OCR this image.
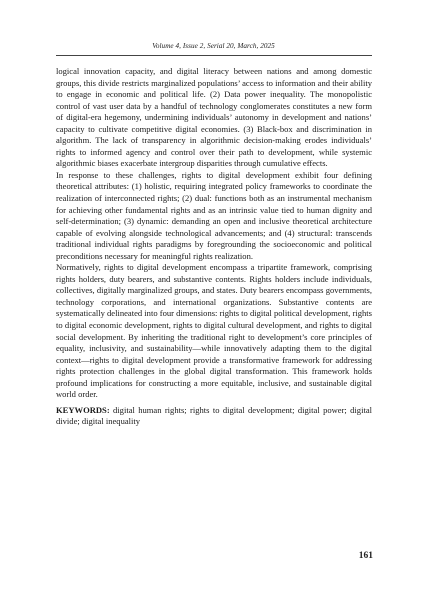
Volume 4, Issue 2, Serial 20, March, 2025

logical innovation capacity, and digital literacy between nations and among domestic groups, this divide restricts marginalized populations’ access to information and their ability to engage in economic and political life. (2) Data power inequality. The monopolistic control of vast user data by a handful of technology conglomerates constitutes a new form of digital-era hegemony, undermining individuals’ autonomy in development and nations’ capacity to cultivate competitive digital economies. (3) Black-box and discrimination in algorithm. The lack of transparency in algorithmic decision-making erodes individuals’ rights to informed agency and control over their path to development, while systemic algorithmic biases exacerbate intergroup disparities through cumulative effects.

In response to these challenges, rights to digital development exhibit four defining theoretical attributes: (1) holistic, requiring integrated policy frameworks to coordinate the realization of interconnected rights; (2) dual: functions both as an instrumental mechanism for achieving other fundamental rights and as an intrinsic value tied to human dignity and self-determination; (3) dynamic: demanding an open and inclusive theoretical architecture capable of evolving alongside technological advancements; and (4) structural: transcends traditional individual rights paradigms by foregrounding the socioeconomic and political preconditions necessary for meaningful rights realization.

Normatively, rights to digital development encompass a tripartite framework, comprising rights holders, duty bearers, and substantive contents. Rights holders include individuals, collectives, digitally marginalized groups, and states. Duty bearers encompass governments, technology corporations, and international organizations. Substantive contents are systematically delineated into four dimensions: rights to digital political development, rights to digital economic development, rights to digital cultural development, and rights to digital social development. By inheriting the traditional right to development’s core principles of equality, inclusivity, and sustainability—while innovatively adapting them to the digital context—rights to digital development provide a transformative framework for addressing rights protection challenges in the global digital transformation. This framework holds profound implications for constructing a more equitable, inclusive, and sustainable digital world order.

KEYWORDS: digital human rights; rights to digital development; digital power; digital divide; digital inequality

161
